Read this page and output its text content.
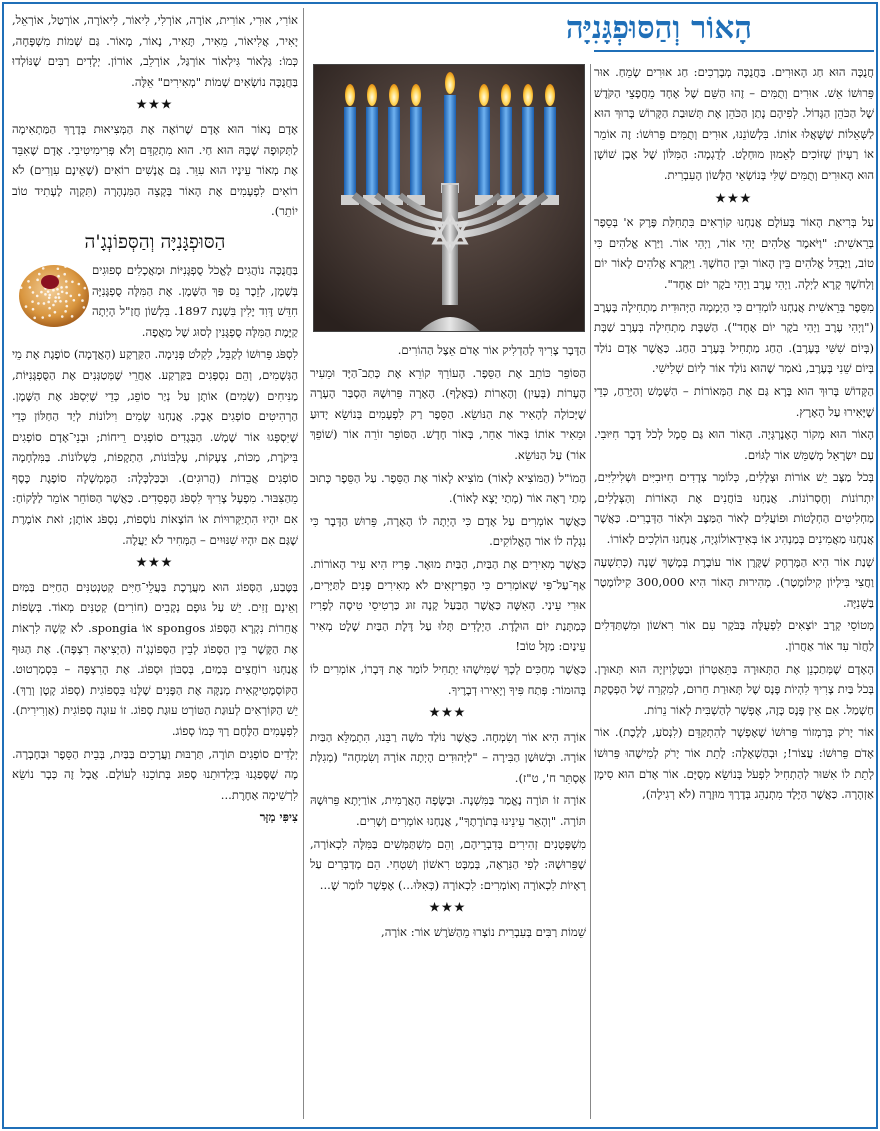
הָאוֹר וְהַסּוּפְגָּנִיָּה

חֲנֻכָּה הוּא חַג הָאוּרִים. בַּחֲנֻכָּה מְבָרְכִים: חַג אוּרִים שָׂמֵחַ. אוּר פֵּרוּשׁוֹ אֵשׁ. אוּרִים וְתֻמִּים – זֶהוּ הַשֵּׁם שֶׁל אֶחָד מֵחֲפָצֵי הַקֹּדֶשׁ שֶׁל הַכֹּהֵן הַגָּדוֹל. לְפִיהֶם נָתַן הַכֹּהֵן אֶת תְּשׁוּבַת הַקָּרוֹשׁ בָּרוּךְ הוּא לַשְּׁאֵלוֹת שֶׁשָּׁאֲלוּ אוֹתוֹ. בִּלְשׁוֹנֵנוּ, אוּרִים וְתֻמִּים פֵּרוּשׁוֹ: זֶה אוֹמֵר אוֹ רַעְיוֹן שֶׁזּוֹכִים לְאֵמוּן מוּחְלָט. לְדֻגְמָה: הַמִּלּוֹן שֶׁל אֶבֶן שׁוֹשָׁן הוּא הָאוּרִים וְתֻמִּים שֶׁלִּי בְּנוֹשְׂאֵי הַלָּשׁוֹן הָעִבְרִית.

★★★

עַל בְּרִיאַת הָאוֹר בָּעוֹלָם אֲנַחְנוּ קוֹרְאִים בִּתְחִלַּת פֶּרֶק א' בְּסֵפֶר בְּרֵאשִׁית: "וַיֹּאמֶר אֱלֹהִים יְהִי אוֹר, וַיְהִי אוֹר. וַיַּרְא אֱלֹהִים כִּי טוֹב, וַיַּבְדֵּל אֱלֹהִים בֵּין הָאוֹר וּבֵין הַחֹשֶׁךְ. וַיִּקְרָא אֱלֹהִים לָאוֹר יוֹם וְלַחֹשֶׁךְ קָרָא לַיְלָה. וַיְהִי עֶרֶב וַיְהִי בֹקֶר יוֹם אֶחָד".

מִסֵּפֶר בְּרֵאשִׁית אֲנַחְנוּ לוֹמְדִים כִּי הַיְמָמָה הַיְּהוּדִית מַתְחִילָה בָּעֶרֶב ("וַיְהִי עֶרֶב וַיְהִי בֹקֶר יוֹם אֶחָד"). הַשַּׁבָּת מַתְחִילָה בְּעֶרֶב שַׁבָּת (בְּיוֹם שִׁשִּׁי בָּעֶרֶב). הַחַג מַתְחִיל בְּעֶרֶב הַחַג. כַּאֲשֶׁר אָדָם נוֹלַד בְּיוֹם שֵׁנִי בָּעֶרֶב, נֹאמַר שֶׁהוּא נוֹלַד אוֹר לְיוֹם שְׁלִישִׁי.

הַקָּדוֹשׁ בָּרוּךְ הוּא בָּרָא גַּם אֶת הַמְּאוֹרוֹת – הַשֶּׁמֶשׁ וְהַיָּרֵחַ, כְּדֵי שֶׁיָּאִירוּ עַל הָאָרֶץ.

הָאוֹר הוּא מְקוֹר הָאֶנֶרְגְּיָה. הָאוֹר הוּא גַּם סֵמֶל לְכֹל דָּבָר חִיּוּבִי. עַם יִשְׂרָאֵל מְשַׁמֵּשׁ אוֹר לַגּוֹיִם.

בְּכֹל מַצָּב יֵשׁ אוֹרוֹת וּצְלָלִים, כְּלוֹמַר צְדָדִים חִיּוּבִיִּים וּשְׁלִילִיִּים, יִתְרוֹנוֹת וְחֶסְרוֹנוֹת. אֲנַחְנוּ בּוֹחֲנִים אֶת הָאוֹרוֹת וְהַצְּלָלִים, מַחְלִיטִים הַחְלָטוֹת וּפוֹעֲלִים לְאוֹר הַמַּצָּב וּלְאוֹר הַדְּבָרִים. כַּאֲשֶׁר אֲנַחְנוּ מַאֲמִינִים בְּמַנְהִיג אוֹ בְּאִידֵאוֹלוֹגְיָה, אֲנַחְנוּ הוֹלְכִים לְאוֹרוֹ.

שְׁנַת אוֹר הִיא הַמֶּרְחָק שֶׁקֶּרֶן אוֹר עוֹבֶרֶת בְּמֶשֶׁךְ שָׁנָה (כְּתִשְׁעָה וַחֲצִי בִּילְיוֹן קִילוֹמֶטֶר). מְהִירוּת הָאוֹר הִיא 300,000 קִילוֹמֶטֶר בַּשְּׁנִיָּה.

מְטוֹסֵי קְרָב יוֹצְאִים לִפְעֻלָּה בַּבֹּקֶר עִם אוֹר רִאשׁוֹן וּמִשְׁתַּדְּלִים לַחֲזֹר עִד אוֹר אַחֲרוֹן.

הָאָדָם שֶׁמְּתַכְנֵן אֶת הַתְּאוּרָה בַּתֵּאַטְרוֹן וּבַטֶּלֶוִיזְיָה הוּא תְּאוּרָן. בְּכֹל בַּיִת צָרִיךְ לִהְיוֹת פָּנָס שֶׁל תְּאוּרַת חֵרוּם, לְמִקְרֵה שֶׁל הַפְסָקַת חַשְׁמַל. אִם אֵין פָּנָס כָּזֶה, אֶפְשָׁר לְהַשְׁבִּית לָאוֹר נֵרוֹת.

אוֹר יָרֹק בְּרַמְזוֹר פֵּרוּשׁוֹ שֶׁאֶפְשָׁר לְהִתְקַדֵּם (לִנְסֹעַ, לָלֶכֶת). אוֹר אָדֹם פֵּרוּשׁוֹ: עֲצוֹר!; וּבְהַשְׁאָלָה: לָתֵת אוֹר יָרֹק לְמִישֶׁהוּ פֵּרוּשׁוֹ לָתֵת לוֹ אִשּׁוּר לְהַתְחִיל לִפְעֹל בְּנוֹשֵׂא מְסֻיָּם. אוֹר אָדֹם הוּא סִימָן אַזְהָרָה. כַּאֲשֶׁר הַיֶּלֶד מִתְנַהֵג בְּדֶרֶךְ מוּזָרָה (לֹא רְגִילָה),

הַדָּבָר צָרִיךְ לְהַדְלִיק אוֹר אָדֹם אֵצֶל הַהוֹרִים.

הַסּוֹפֵר כּוֹתֵב אֶת הַסֵּפֶר. הָעוֹרֵךְ קוֹרֵא אֶת כְּתַב־הַיָּד וּמֵעִיר הֶעָרוֹת (בְּעַיִן) וְהֶאָרוֹת (בְּאָלֶף). הֶאָרָה פֵּרוּשָׁהּ הַסְבַּר הֶעָרָה שֶׁיְּכוֹלָה לְהָאִיר אֶת הַנּוֹשֵׂא. הַסֵּפֶר רַק לִפְעָמִים בְּנוֹשֵׂא יָדוּעַ וּמֵאִיר אוֹתוֹ בְּאוֹר אַחֵר, בְּאוֹר חָדָשׁ. הַסּוֹפֵר זוֹרֵה אוֹר (שׁוֹפֵךְ אוֹר) עַל הַנּוֹשֵׂא.

הַמוֹ"ל (הַמּוֹצִיא לָאוֹר) מוֹצִיא לָאוֹר אֶת הַסֵּפֶר. עַל הַסֵּפֶר כָּתוּב מָתַי רָאָה אוֹר (מָתַי יָצָא לָאוֹר).

כַּאֲשֶׁר אוֹמְרִים עַל אָדָם כִּי הָיְתָה לוֹ הֶאָרָה, פֵּרוּשׁ הַדָּבָר כִּי נִגְלָה לוֹ אוֹר הָאֱלוֹקִים.

כַּאֲשֶׁר מְאִירִים אֶת הַבַּיִת, הַבַּיִת מוּאָר. פָּרִיז הִיא עִיר הָאוֹרוֹת. אַף־עַל־פִּי שֶׁאוֹמְרִים כִּי הַפָּרִיזָאִים לֹא מְאִירִים פָּנִים לַתַּיָּרִים, אוּרִי עֵינַי. הָאִשָּׁה כַּאֲשֶׁר הַבַּעַל קָנָה זוּג כַּרְטִיסֵי טִיסָה לְפָרִיז כְּמַתָּנַת יוֹם הוּלֶדֶת. הַיְלָדִים תָּלוּ עַל דֶּלֶת הַבַּיִת שֶׁלֶט מְאִיר עֵינַיִם: מַזָּל טוֹב!

כַּאֲשֶׁר מְחַכִּים לְכָךְ שֶׁמִּישֶׁהוּ יַתְחִיל לוֹמַר אֶת דְּבָרוֹ, אוֹמְרִים לוֹ בְּהוּמוֹר: פְּתַח פִּיךָ וְיָאִירוּ דְבָרֶיךָ.

★★★

אוֹרָה הִיא אוֹר וְשִׂמְחָה. כַּאֲשֶׁר נוֹלַד מֹשֶׁה רַבֵּנוּ, הִתְמַלֵּא הַבַּיִת אוֹרָה. וּבְשׁוּשַׁן הַבִּירָה – "לַיְּהוּדִים הָיְתָה אוֹרָה וְשִׂמְחָה" (מְגִלַּת אֶסְתֵּר ח', ט"ז).

אוֹרָה זוֹ תּוֹרָה נֶאֱמַר בַּמִּשְׁנָה. וּבַשָּׂפָה הָאֲרָמִית, אוֹרַיְתָא פֵּרוּשָׁהּ תּוֹרָה. "וְהָאֵר עֵינֵינוּ בְּתוֹרָתֶךָ", אֲנַחְנוּ אוֹמְרִים וְשָׁרִים.

מִשְׁפָּטָנִים זְהִירִים בְּדִבְרֵיהֶם, וְהֵם מִשְׁתַּמְּשִׁים בַּמִּלָּה לִכְאוֹרָה, שֶׁפֵּרוּשָׁהּ: לְפִי הַנִּרְאֶה, בְּמַבָּט רִאשׁוֹן וְשִׁטְחִי. הֵם מְדַבְּרִים עַל רְאָיוֹת לִכְאוֹרָה וְאוֹמְרִים: לִכְאוֹרָה (כְּאִלּוּ...) אֶפְשָׁר לוֹמַר שֶׁ...

★★★

שֵׁמוֹת רַבִּים בְּעִבְרִית נוֹצְרוּ מֵהַשֹּׁרֶשׁ אוֹר: אוֹרָה,

אוֹרִי, אוּרִי, אוֹרִית, אוֹרָה, אוֹרְלִי, לִיאוֹר, לִיאוֹרָה, אוֹרְטַל, אוֹרְאֵל, יָאִיר, אֲלִיאוֹר, מֵאִיר, תָּאִיר, נָאוֹר, מָאוֹר. גַּם שְׁמוֹת מִשְׁפָּחָה, כְּמוֹ: גַּלְאוֹר גִּילְאוֹר אוֹרְגַּל, אוֹרְלֵב, אוֹרוֹן. יְלָדִים רַבִּים שֶׁנּוֹלְדוּ בַּחֲנֻכָּה נוֹשְׂאִים שְׁמוֹת "מְאִירִים" אֵלֶּה.

★★★

אָדָם נָאוֹר הוּא אָדָם שֶׁרוֹאֶה אֶת הַמְּצִיאוּת בְּדֶרֶךְ הַמַּתְאִימָה לַתְּקוּפָה שֶׁבָּהּ הוּא חַי. הוּא מִתְקַדֵּם וְלֹא פְּרִימִיטִיבִי. אָדָם שֶׁאִבֵּד אֶת מְאוֹר עֵינָיו הוּא עִוֵּר. גַּם אֲנָשִׁים רוֹאִים (שֶׁאֵינָם עִוְרִים) לֹא רוֹאִים לִפְעָמִים אֶת הָאוֹר בְּקָצֵה הַמִּנְהָרָה (תִּקְוָה לֶעָתִיד טוֹב יוֹתֵר).

הַסּוּפְגָּנִיָּה וְהַסְּפוֹנְגָ'ה

בַּחֲנֻכָּה נוֹהֲגִים לֶאֱכֹל סֻפְגָּנִיּוֹת וּמַאֲכָלִים סְפוּגִים בְּשֶׁמֶן, לְזֵכֶר נֵס פַּךְ הַשֶּׁמֶן. אֶת הַמִּלָּה סֻפְגָּנִיָּה חִדֵּשׁ דָּוִד יֶלִין בִּשְׁנַת 1897. בִּלְשׁוֹן חֲזַ"ל הָיְתָה קַיֶּמֶת הַמִּלָּה סֻפְגָּנִין לְסוּג שֶׁל מַאֲפֶה.

לִסְפֹּג פֵּרוּשׁוֹ לְקַבֵּל, לִקְלֹט פְּנִימָה. הַקַּרְקַע (הָאֲדָמָה) סוֹפֶגֶת אֶת מֵי הַגְּשָׁמִים, וְהֵם נִסְפָּגִים בַּקַּרְקַע. אַחֲרֵי שֶׁמְּטַגְּנִים אֶת הַסֻּפְגָּנִיּוֹת, מַנִּיחִים (שָׂמִים) אוֹתָן עַל נְיַר סוֹפֵג, כְּדֵי שֶׁיִּסְפֹּג אֶת הַשֶּׁמֶן. הַרְהִיטִים סוֹפְגִים אָבָק. אֲנַחְנוּ שָׂמִים וִילוֹנוֹת לְיַד הַחַלּוֹן כְּדֵי שֶׁיִּסְפְּגוּ אוֹר שֶׁמֶשׁ. הַבְּגָדִים סוֹפְגִים רֵיחוֹת; וּבְנֵי־אָדָם סוֹפְגִים בִּיקֹרֶת, מַכּוֹת, צְעָקוֹת, עֶלְבּוֹנוֹת, הַתְקָפוֹת, כִּשְׁלוֹנוֹת. בַּמִּלְחָמָה סוֹפְגִים אֲבֵדוֹת (הֲרוּגִים). וּבַכַּלְכָּלָה: הַמֶּמְשָׁלָה סוֹפֶגֶת כֶּסֶף מֵהַצִּבּוּר. מִפְעָל צָרִיךְ לִסְפֹּג הֶפְסֵדִים. כַּאֲשֶׁר הַסּוֹחֵר אוֹמֵר לַלָּקוֹחַ: אִם יִהְיוּ הִתְיַקְּרוּיוֹת אוֹ הוֹצָאוֹת נוֹסָפוֹת, נִסְפֹּג אוֹתָן; זֹאת אוֹמֶרֶת שֶׁגַּם אִם יִהְיוּ שִׁנּוּיִים – הַמְּחִיר לֹא יַעֲלֶה.

★★★

בַּטֶּבַע, הַסְּפוֹג הוּא מַעֲרֶכֶת בַּעֲלֵי־חַיִּים קְטַנְטַנִּים הַחַיִּים בַּמַּיִם וְאֵינָם זָזִים. יֵשׁ עַל גּוּפָם נְקָבִים (חוֹרִים) קְטַנִּים מְאוֹד. בְּשָׂפוֹת אֲחֵרוֹת נִקְרָא הַסְּפוֹג spongos אוֹ spongia. לֹא קָשֶׁה לִרְאוֹת אֶת הַקֶּשֶׁר בֵּין הַסְּפוֹג לְבֵין הַסְּפוֹנְגָ'ה (הַיְצִיאָה רִצְפָּה). אֶת הַגּוּף אֲנַחְנוּ רוֹחֲצִים בְּמַיִם, בְּסַבּוֹן וּסְפוֹג. אֶת הָרִצְפָּה – בִּסְמַרְטוּט. הַקּוֹסְמֶטִיקָאִית מְנַקָּה אֶת הַפָּנִים שֶׁלָּנוּ בִּסְפוֹגִית (סְפוֹג קָטָן וְרַךְ). יֵשׁ הַקּוֹרְאִים לְעוּגַת הַטּוֹרְט עוּגַת סְפוֹג. זוֹ עוּגָה סְפוֹגִית (אַוְרִירִית). לִפְעָמִים הַלֶּחֶם רַךְ כְּמוֹ סְפוֹג.

יְלָדִים סוֹפְגִים תּוֹרָה, תַּרְבּוּת וַעֲרָכִים בַּבַּיִת, בְּבֵית הַסֵּפֶר וּבַחֶבְרָה. מָה שֶׁסָּפַגְנוּ בְּיַלְדוּתֵנוּ סָפוּג בְּתוֹכֵנוּ לְעוֹלָם. אֲבָל זֶה כְּבָר נוֹשֵׂא לִרְשִׁימָה אַחֶרֶת...

צִיפִּי מַזָּר
